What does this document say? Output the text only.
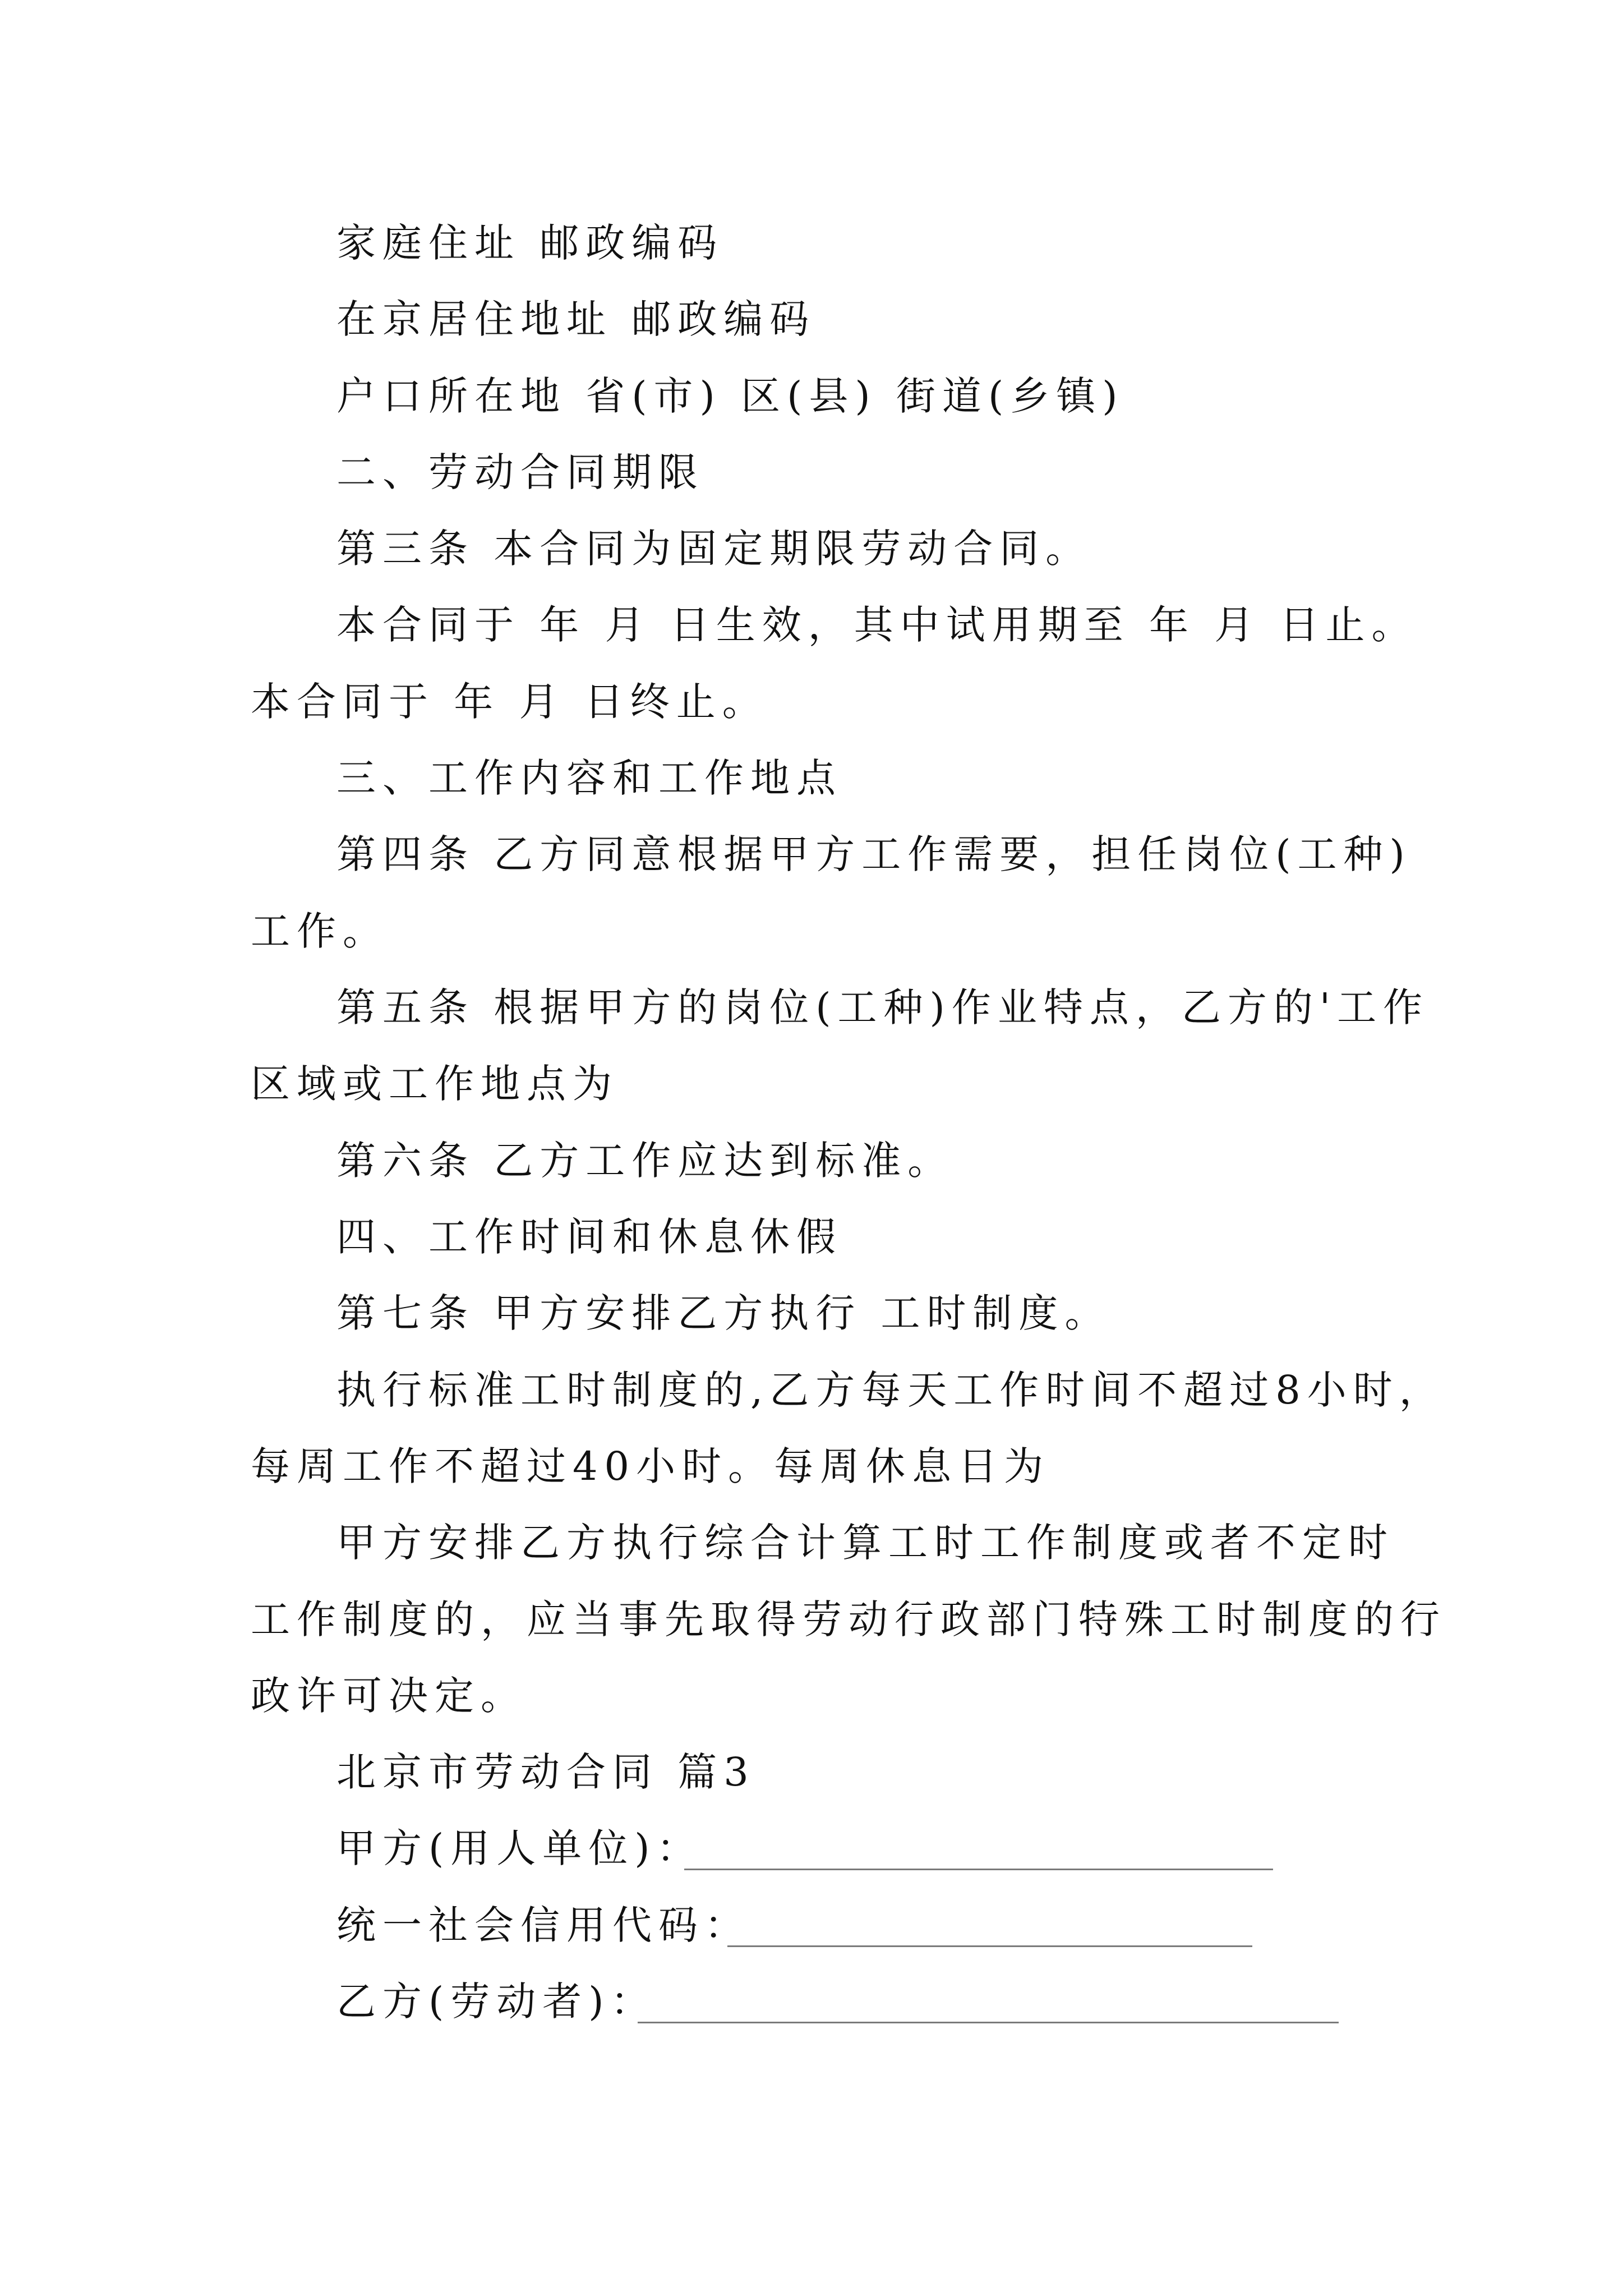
家庭住址 邮政编码
在京居住地址 邮政编码
户口所在地 省(市) 区(县) 街道(乡镇)
二、劳动合同期限
第三条 本合同为固定期限劳动合同。
本合同于 年 月 日生效，其中试用期至 年 月 日止。
本合同于 年 月 日终止。
三、工作内容和工作地点
第四条 乙方同意根据甲方工作需要，担任岗位(工种)
工作。
第五条 根据甲方的岗位(工种)作业特点，乙方的'工作
区域或工作地点为
第六条 乙方工作应达到标准。
四、工作时间和休息休假
第七条 甲方安排乙方执行 工时制度。
执行标准工时制度的,乙方每天工作时间不超过8小时，
每周工作不超过40小时。每周休息日为
甲方安排乙方执行综合计算工时工作制度或者不定时
工作制度的，应当事先取得劳动行政部门特殊工时制度的行
政许可决定。
北京市劳动合同 篇3
甲方(用人单位)：
统一社会信用代码：
乙方(劳动者)：
